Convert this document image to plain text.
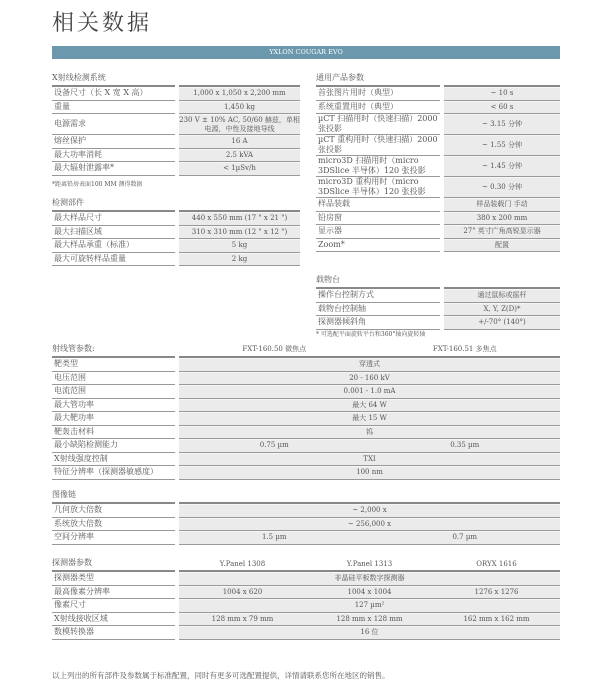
相关数据
YXLON COUGAR EVO
X射线检测系统
设备尺寸（长 X 宽 X 高）	1,000 x 1,050 x 2,200 mm
重量	1,450 kg
电源需求	230 V ± 10% AC, 50/60 赫兹，单相电源，中性及接地导线
熔丝保护	16 A
最大功率消耗	2.5 kVA
最大辐射泄露率*	< 1µSv/h
*距离铅房表面100 MM 测得数据
检测部件
最大样品尺寸	440 x 550 mm (17 " x 21 ")
最大扫描区域	310 x 310 mm (12 " x 12 ")
最大样品承重（标准）	5 kg
最大可旋转样品重量	2 kg
通用产品参数
首张图片用时（典型）	~ 10 s
系统重置用时（典型）	< 60 s
µCT 扫描用时（快速扫描）2000 张投影	~ 3.15 分钟
µCT 重构用时（快速扫描）2000 张投影	~ 1.55 分钟
micro3D 扫描用时（micro 3DSlice 半导体）120 张投影	~ 1.45 分钟
micro3D 重构用时（micro 3DSlice 半导体）120 张投影	~ 0.30 分钟
样品装载	样品装载门 手动
铅房窗	380 x 200 mm
显示器	27" 英寸广角高锐显示器
Zoom*	配置
载物台
操作台控制方式	通过鼠标或摇杆
载物台控制轴	X, Y, Z(D)*
探测器倾斜角	+/-70° (140°)
* 可选配平面旋转平台和360°轴向旋转轴
射线管参数:	FXT-160.50 微焦点	FXT-160.51 多焦点
靶类型	穿透式
电压范围	20 - 160 kV
电流范围	0.001 - 1.0 mA
最大管功率	最大 64 W
最大靶功率	最大 15 W
靶轰击材料	钨
最小缺陷检测能力	0.75 µm	0.35 µm
X射线强度控制	TXI
特征分辨率（探测器敏感度）	100 nm
图像链
几何放大倍数	~ 2,000 x
系统放大倍数	~ 256,000 x
空间分辨率	1.5 µm	0.7 µm
探测器参数	Y.Panel 1308	Y.Panel 1313	ORYX 1616
探测器类型	非晶硅平板数字探测器
最高像素分辨率	1004 x 620	1004 x 1004	1276 x 1276
像素尺寸	127 µm²
X射线接收区域	128 mm x 79 mm	128 mm x 128 mm	162 mm x 162 mm
数模转换器	16 位
以上列出的所有部件及参数属于标准配置，同时有更多可选配置提供，详情请联系您所在地区的销售。
